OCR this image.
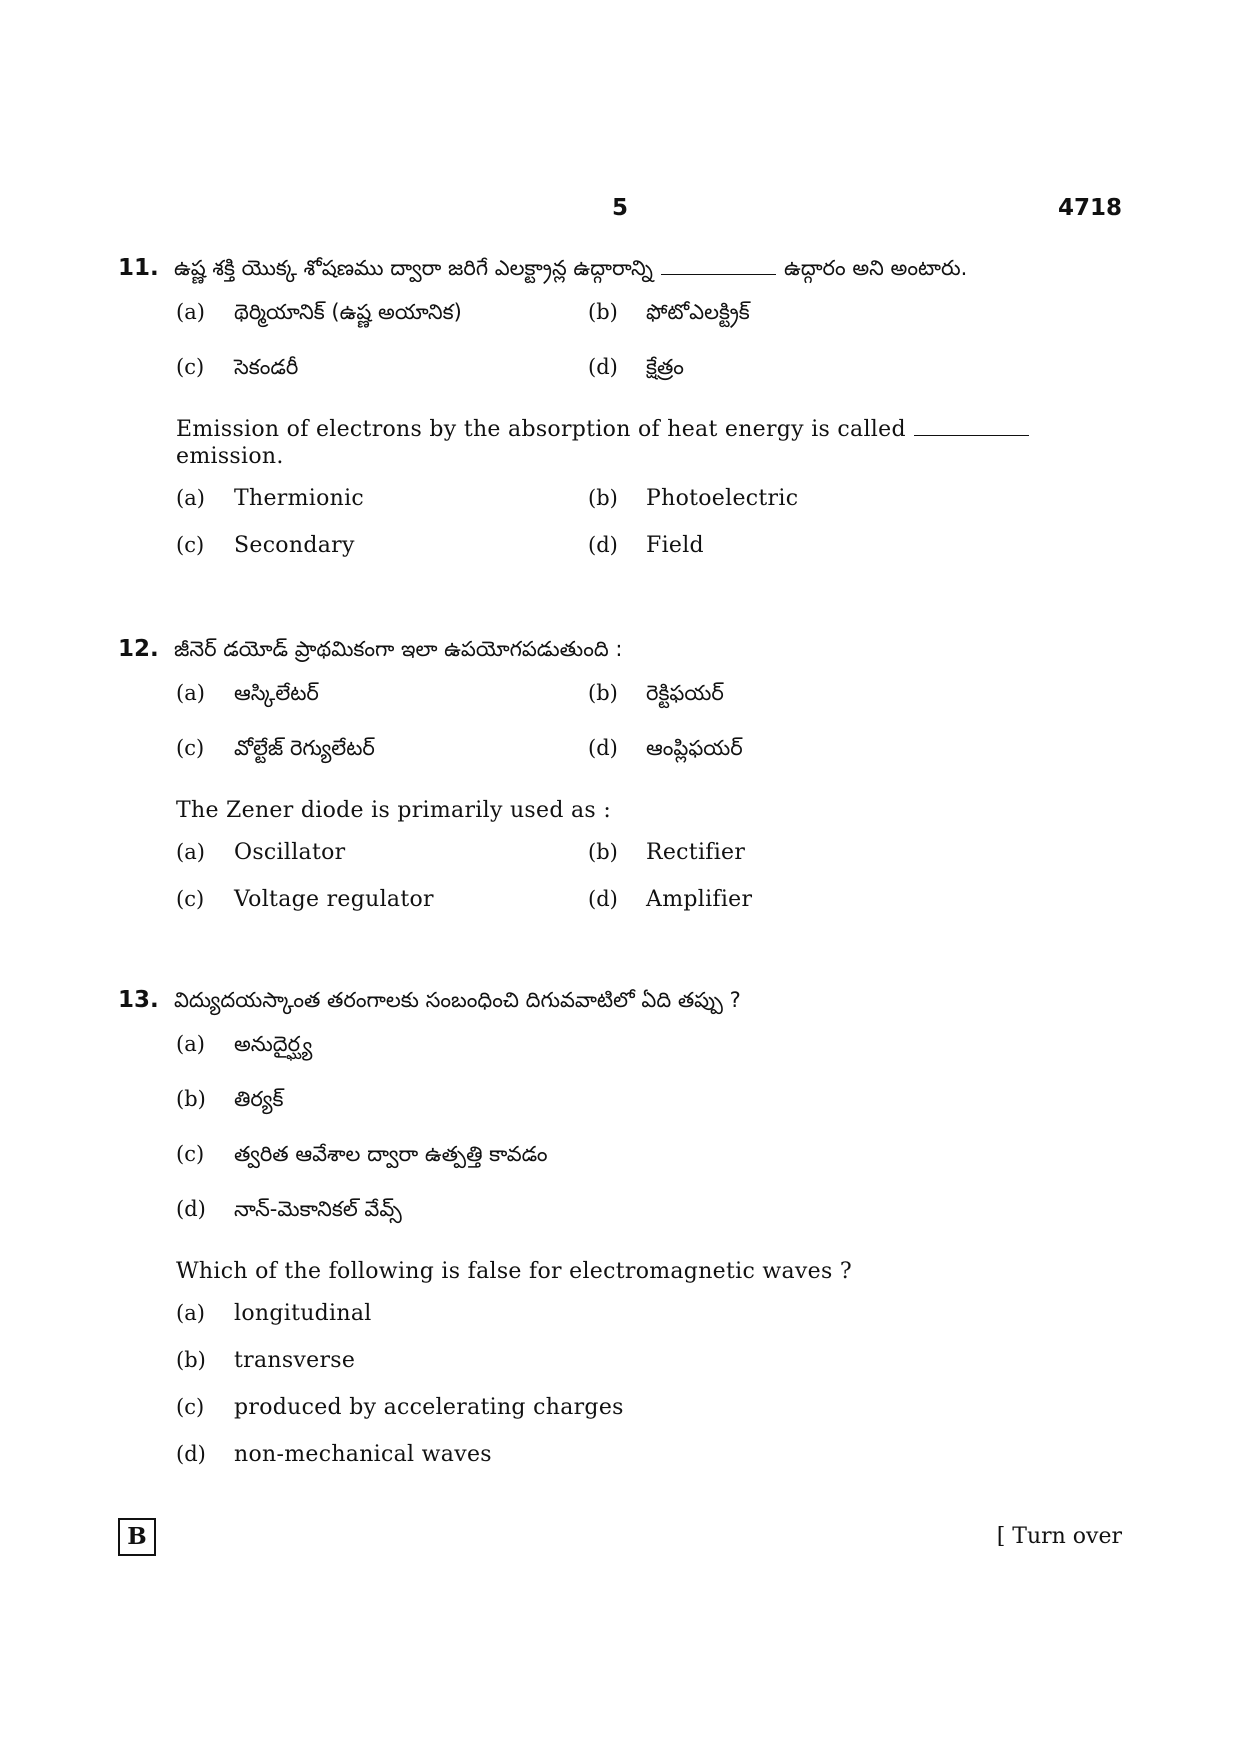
5	4718
11. ఉష్ణ శక్తి యొక్క శోషణము ద్వారా జరిగే ఎలక్ట్రాన్ల ఉద్గారాన్ని	ఉద్గారం అని అంటారు.
(a)	థెర్మియానిక్ (ఉష్ణ అయానిక)	(b)	ఫోటోఎలక్ట్రిక్
(c)	సెకండరీ	(d)	క్షేత్రం
Emission of electrons by the absorption of heat energy is called
emission.
(a)	Thermionic	(b)	Photoelectric
(c)	Secondary	(d)	Field
12. జీనెర్ డయోడ్ ప్రాథమికంగా ఇలా ఉపయోగపడుతుంది :
(a)	ఆస్కిలేటర్	(b)	రెక్టిఫయర్
(c)	వోల్టేజ్ రెగ్యులేటర్	(d)	ఆంప్లిఫయర్
The Zener diode is primarily used as :
(a)	Oscillator	(b)	Rectifier
(c)	Voltage regulator	(d)	Amplifier
13. విద్యుదయస్కాంత తరంగాలకు సంబంధించి దిగువవాటిలో ఏది తప్పు ?
(a)	అనుదైర్ఘ్య
(b)	తిర్యక్
(c)	త్వరిత ఆవేశాల ద్వారా ఉత్పత్తి కావడం
(d)	నాన్-మెకానికల్ వేవ్స్
Which of the following is false for electromagnetic waves ?
(a)	longitudinal
(b)	transverse
(c)	produced by accelerating charges
(d)	non-mechanical waves
B	[ Turn over
